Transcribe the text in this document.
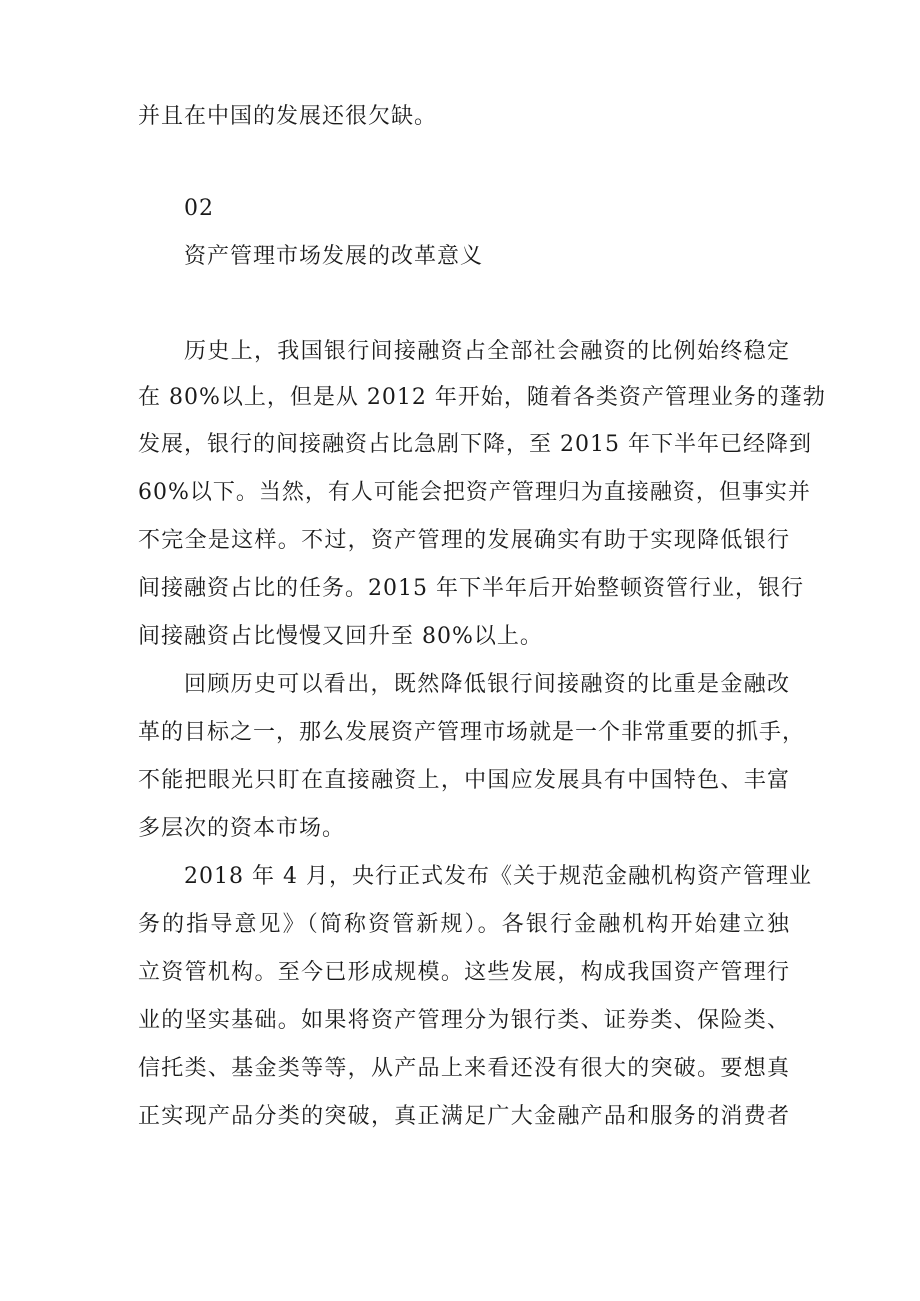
并且在中国的发展还很欠缺。
02
资产管理市场发展的改革意义
历史上，我国银行间接融资占全部社会融资的比例始终稳定
在 80%以上，但是从 2012 年开始，随着各类资产管理业务的蓬勃
发展，银行的间接融资占比急剧下降，至 2015 年下半年已经降到
60%以下。当然，有人可能会把资产管理归为直接融资，但事实并
不完全是这样。不过，资产管理的发展确实有助于实现降低银行
间接融资占比的任务。2015 年下半年后开始整顿资管行业，银行
间接融资占比慢慢又回升至 80%以上。
回顾历史可以看出，既然降低银行间接融资的比重是金融改
革的目标之一，那么发展资产管理市场就是一个非常重要的抓手，
不能把眼光只盯在直接融资上，中国应发展具有中国特色、丰富
多层次的资本市场。
2018 年 4 月，央行正式发布《关于规范金融机构资产管理业
务的指导意见》（简称资管新规）。各银行金融机构开始建立独
立资管机构。至今已形成规模。这些发展，构成我国资产管理行
业的坚实基础。如果将资产管理分为银行类、证券类、保险类、
信托类、基金类等等，从产品上来看还没有很大的突破。要想真
正实现产品分类的突破，真正满足广大金融产品和服务的消费者
